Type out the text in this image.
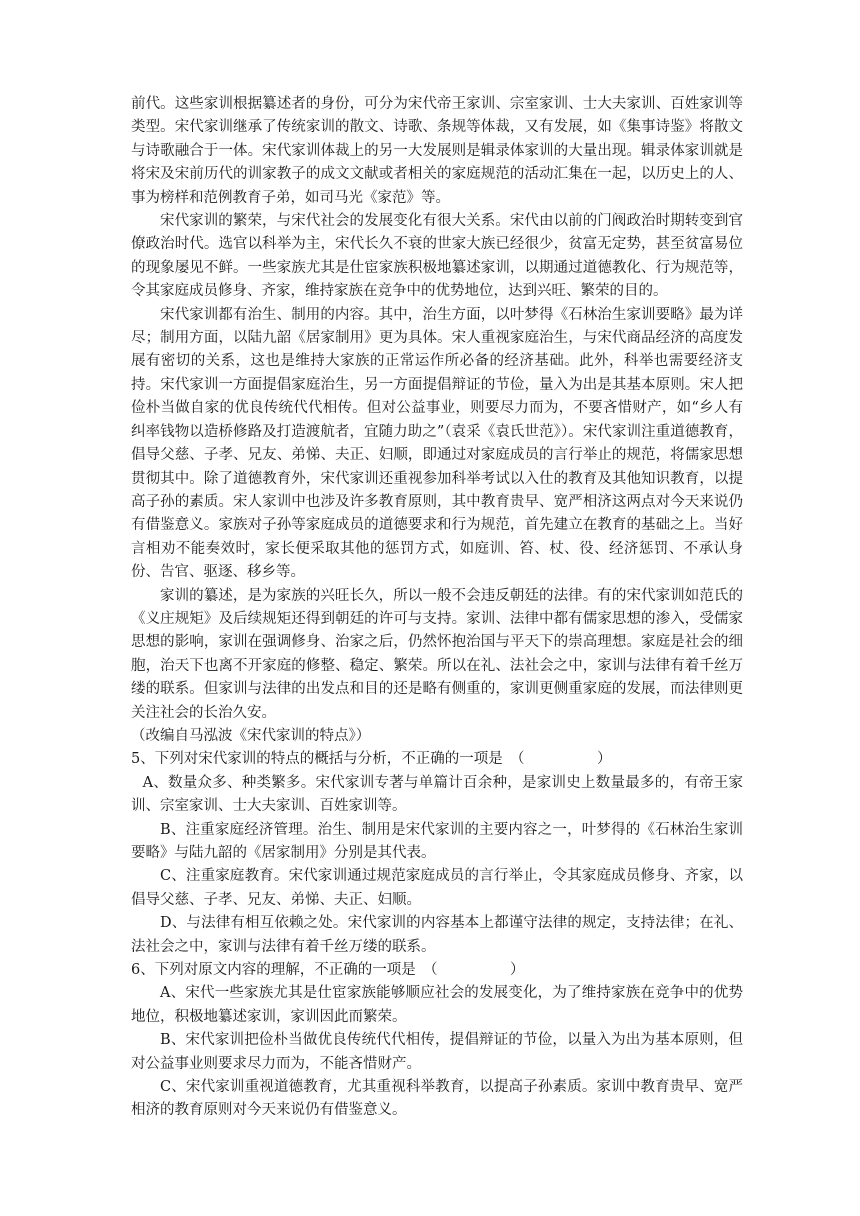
前代。这些家训根据纂述者的身份，可分为宋代帝王家训、宗室家训、士大夫家训、百姓家训等类型。宋代家训继承了传统家训的散文、诗歌、条规等体裁，又有发展，如《集事诗鉴》将散文与诗歌融合于一体。宋代家训体裁上的另一大发展则是辑录体家训的大量出现。辑录体家训就是将宋及宋前历代的训家教子的成文文献或者相关的家庭规范的活动汇集在一起，以历史上的人、事为榜样和范例教育子弟，如司马光《家范》等。

宋代家训的繁荣，与宋代社会的发展变化有很大关系。宋代由以前的门阀政治时期转变到官僚政治时代。选官以科举为主，宋代长久不衰的世家大族已经很少，贫富无定势，甚至贫富易位的现象屡见不鲜。一些家族尤其是仕宦家族积极地纂述家训，以期通过道德教化、行为规范等，令其家庭成员修身、齐家，维持家族在竞争中的优势地位，达到兴旺、繁荣的目的。

宋代家训都有治生、制用的内容。其中，治生方面，以叶梦得《石林治生家训要略》最为详尽；制用方面，以陆九韶《居家制用》更为具体。宋人重视家庭治生，与宋代商品经济的高度发展有密切的关系，这也是维持大家族的正常运作所必备的经济基础。此外，科举也需要经济支持。宋代家训一方面提倡家庭治生，另一方面提倡辩证的节俭，量入为出是其基本原则。宋人把俭朴当做自家的优良传统代代相传。但对公益事业，则要尽力而为，不要吝惜财产，如“乡人有纠率钱物以造桥修路及打造渡航者，宜随力助之”（袁采《袁氏世范》）。宋代家训注重道德教育，倡导父慈、子孝、兄友、弟悌、夫正、妇顺，即通过对家庭成员的言行举止的规范，将儒家思想贯彻其中。除了道德教育外，宋代家训还重视参加科举考试以入仕的教育及其他知识教育，以提高子孙的素质。宋人家训中也涉及许多教育原则，其中教育贵早、宽严相济这两点对今天来说仍有借鉴意义。家族对子孙等家庭成员的道德要求和行为规范，首先建立在教育的基础之上。当好言相劝不能奏效时，家长便采取其他的惩罚方式，如庭训、笞、杖、役、经济惩罚、不承认身份、告官、驱逐、移乡等。

家训的纂述，是为家族的兴旺长久，所以一般不会违反朝廷的法律。有的宋代家训如范氏的《义庄规矩》及后续规矩还得到朝廷的许可与支持。家训、法律中都有儒家思想的渗入，受儒家思想的影响，家训在强调修身、治家之后，仍然怀抱治国与平天下的崇高理想。家庭是社会的细胞，治天下也离不开家庭的修整、稳定、繁荣。所以在礼、法社会之中，家训与法律有着千丝万缕的联系。但家训与法律的出发点和目的还是略有侧重的，家训更侧重家庭的发展，而法律则更关注社会的长治久安。

（改编自马泓波《宋代家训的特点》）

5、下列对宋代家训的特点的概括与分析，不正确的一项是　（　　　　　）

A、数量众多、种类繁多。宋代家训专著与单篇计百余种，是家训史上数量最多的，有帝王家训、宗室家训、士大夫家训、百姓家训等。

B、注重家庭经济管理。治生、制用是宋代家训的主要内容之一，叶梦得的《石林治生家训要略》与陆九韶的《居家制用》分别是其代表。

C、注重家庭教育。宋代家训通过规范家庭成员的言行举止，令其家庭成员修身、齐家，以倡导父慈、子孝、兄友、弟悌、夫正、妇顺。

D、与法律有相互依赖之处。宋代家训的内容基本上都谨守法律的规定，支持法律；在礼、法社会之中，家训与法律有着千丝万缕的联系。

6、下列对原文内容的理解，不正确的一项是　（　　　　　）

A、宋代一些家族尤其是仕宦家族能够顺应社会的发展变化，为了维持家族在竞争中的优势地位，积极地纂述家训，家训因此而繁荣。

B、宋代家训把俭朴当做优良传统代代相传，提倡辩证的节俭，以量入为出为基本原则，但对公益事业则要求尽力而为，不能吝惜财产。

C、宋代家训重视道德教育，尤其重视科举教育，以提高子孙素质。家训中教育贵早、宽严相济的教育原则对今天来说仍有借鉴意义。
